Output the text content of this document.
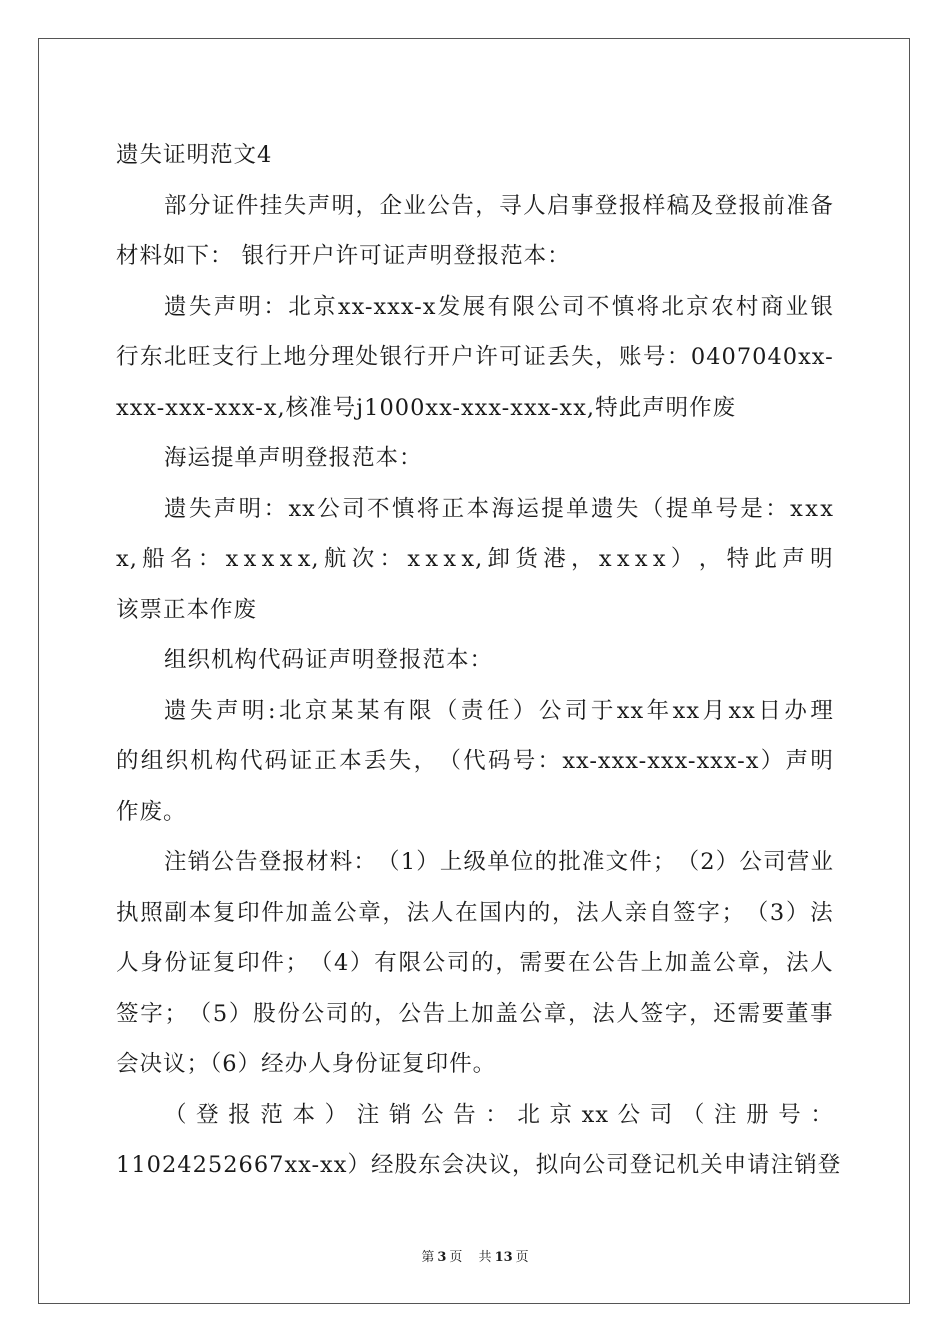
遗失证明范文4
部 分 证 件 挂 失 声 明 ， 企 业 公 告 ， 寻 人 启 事 登 报 样 稿 及 登 报 前 准 备
材料如下： 银行开户许可证声明登报范本：
遗 失 声 明 ： 北 京 xx-xxx-x 发 展 有 限 公 司 不 慎 将 北 京 农 村 商 业 银
行 东 北 旺 支 行 上 地 分 理 处 银 行 开 户 许 可 证 丢 失 ， 账 号 ： 0407040xx-
xxx-xxx-xxx-x,核准号j1000xx-xxx-xxx-xx,特此声明作废
海运提单声明登报范本：
遗 失 声 明 ： xx 公 司 不 慎 将 正 本 海 运 提 单 遗 失 （ 提 单 号 是 ： x x x
x, 船 名 ： x x x x x, 航 次 ： x x x x, 卸 货 港 ， x x x x ） ， 特 此 声 明
该票正本作废
组织机构代码证声明登报范本：
遗 失 声 明 : 北 京 某 某 有 限 （ 责 任 ） 公 司 于 xx 年 xx 月 xx 日 办 理
的 组 织 机 构 代 码 证 正 本 丢 失 ， （ 代 码 号 ： xx-xxx-xxx-xxx-x ） 声 明
作废。
注 销 公 告 登 报 材 料 ： （ 1 ） 上 级 单 位 的 批 准 文 件 ； （ 2 ） 公 司 营 业
执 照 副 本 复 印 件 加 盖 公 章 ， 法 人 在 国 内 的 ， 法 人 亲 自 签 字 ； （ 3 ） 法
人 身 份 证 复 印 件 ； （ 4 ） 有 限 公 司 的 ， 需 要 在 公 告 上 加 盖 公 章 ， 法 人
签 字 ； （ 5 ） 股 份 公 司 的 ， 公 告 上 加 盖 公 章 ， 法 人 签 字 ， 还 需 要 董 事
会决议；（6）经办人身份证复印件。
（ 登 报 范 本 ） 注 销 公 告 ： 北 京 xx 公 司 （ 注 册 号 ：
11024252667xx-xx ） 经 股 东 会 决 议 ， 拟 向 公 司 登 记 机 关 申 请 注 销 登
第 3 页 共 13 页
